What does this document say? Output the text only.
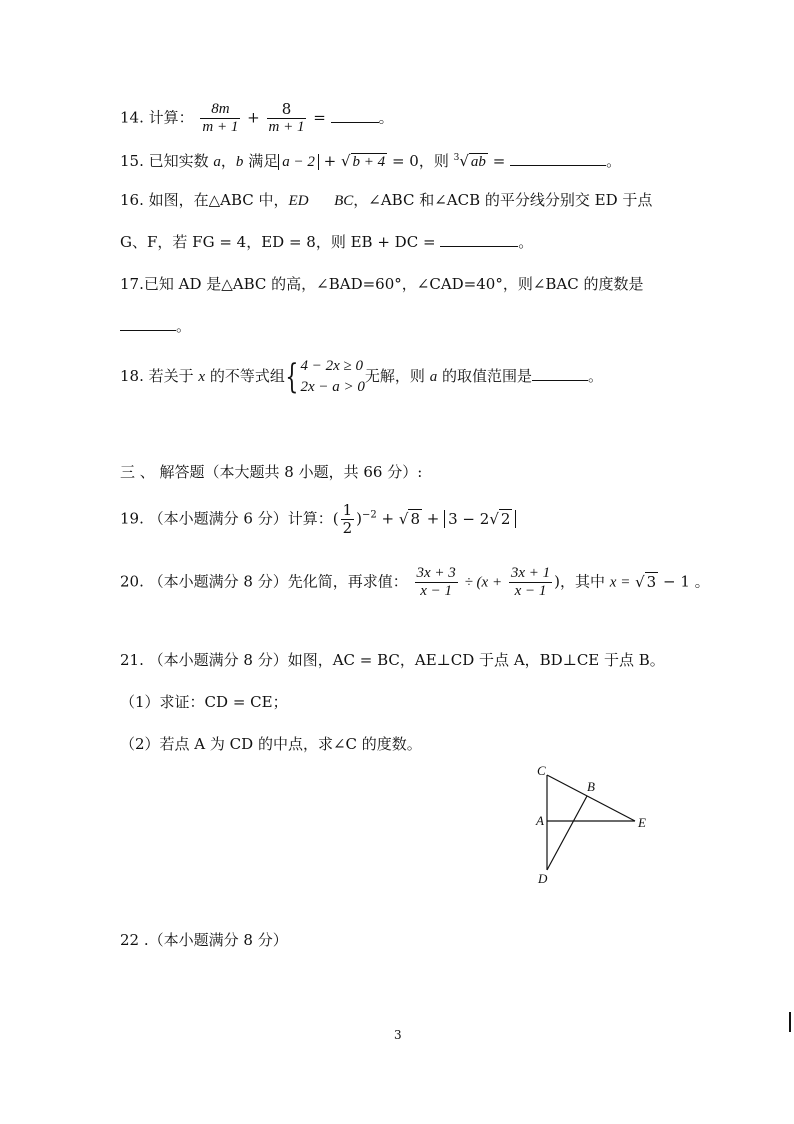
14. 计算： $\frac{8m}{m + 1} + \frac{8}{m + 1}$ =	。
15. 已知实数 a，b 满足 a − 2 + √ b + 4 = 0，则 $^3$√ ab =	。
16. 如图，在△ABC 中，ED BC，∠ABC 和∠ACB 的平分线分别交 ED 于点
G、F，若 FG = 4，ED = 8，则 EB + DC =	。
17.已知 AD 是△ABC 的高，∠BAD=60°，∠CAD=40°，则∠BAC 的度数是
。
18. 若关于 x 的不等式组{ 4 − 2x ≥ 0
2x − a > 0
无解，则 a 的取值范围是	。
三 、 解答题（本大题共 8 小题，共 66 分）:
19. （本小题满分 6 分）计算：( $\frac{1}{2} )^{-2}$ + √ 8 + 3 − 2√ 2
20. （本小题满分 8 分）先化简，再求值： $\frac{3x + 3}{x - 1} \div (x + \frac{3x + 1}{x - 1}$ )，其中 x = √ 3 − 1 。
21. （本小题满分 8 分）如图，AC = BC，AE⊥CD 于点 A，BD⊥CE 于点 B。
（1）求证：CD = CE；
（2）若点 A 为 CD 的中点，求∠C 的度数。
C
B
A	E
D
22 .（本小题满分 8 分）
3
